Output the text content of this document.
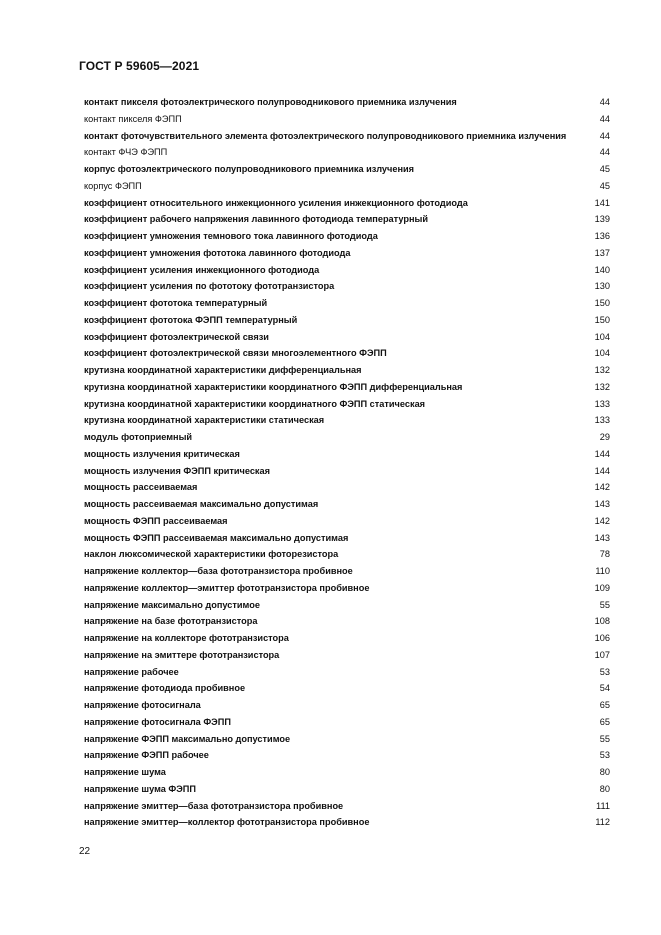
ГОСТ Р 59605—2021
контакт пикселя фотоэлектрического полупроводникового приемника излучения	44
контакт пикселя ФЭПП	44
контакт фоточувствительного элемента фотоэлектрического полупроводникового приемника излучения	44
контакт ФЧЭ ФЭПП	44
корпус фотоэлектрического полупроводникового приемника излучения	45
корпус ФЭПП	45
коэффициент относительного инжекционного усиления инжекционного фотодиода	141
коэффициент рабочего напряжения лавинного фотодиода температурный	139
коэффициент умножения темнового тока лавинного фотодиода	136
коэффициент умножения фототока лавинного фотодиода	137
коэффициент усиления инжекционного фотодиода	140
коэффициент усиления по фототоку фототранзистора	130
коэффициент фототока температурный	150
коэффициент фототока ФЭПП температурный	150
коэффициент фотоэлектрической связи	104
коэффициент фотоэлектрической связи многоэлементного ФЭПП	104
крутизна координатной характеристики дифференциальная	132
крутизна координатной характеристики координатного ФЭПП дифференциальная	132
крутизна координатной характеристики координатного ФЭПП статическая	133
крутизна координатной характеристики статическая	133
модуль фотоприемный	29
мощность излучения критическая	144
мощность излучения ФЭПП критическая	144
мощность рассеиваемая	142
мощность рассеиваемая максимально допустимая	143
мощность ФЭПП рассеиваемая	142
мощность ФЭПП рассеиваемая максимально допустимая	143
наклон люксомической характеристики фоторезистора	78
напряжение коллектор—база фототранзистора пробивное	110
напряжение коллектор—эмиттер фототранзистора пробивное	109
напряжение максимально допустимое	55
напряжение на базе фототранзистора	108
напряжение на коллекторе фототранзистора	106
напряжение на эмиттере фототранзистора	107
напряжение рабочее	53
напряжение фотодиода пробивное	54
напряжение фотосигнала	65
напряжение фотосигнала ФЭПП	65
напряжение ФЭПП максимально допустимое	55
напряжение ФЭПП рабочее	53
напряжение шума	80
напряжение шума ФЭПП	80
напряжение эмиттер—база фототранзистора пробивное	111
напряжение эмиттер—коллектор фототранзистора пробивное	112
22
